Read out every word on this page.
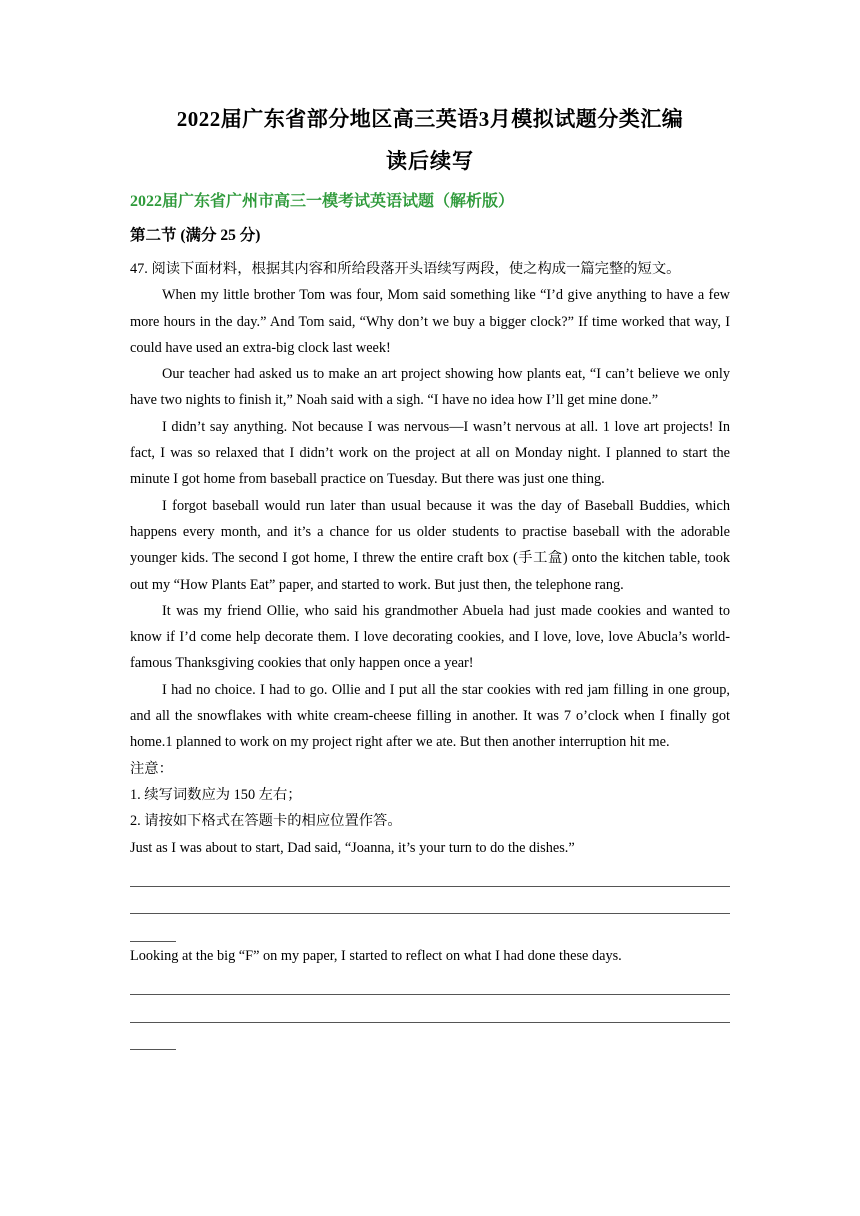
2022届广东省部分地区高三英语3月模拟试题分类汇编
读后续写
2022届广东省广州市高三一模考试英语试题（解析版）
第二节 (满分 25 分)

47. 阅读下面材料，根据其内容和所给段落开头语续写两段，使之构成一篇完整的短文。

When my little brother Tom was four, Mom said something like “I’d give anything to have a few more hours in the day.” And Tom said, “Why don’t we buy a bigger clock?” If time worked that way, I could have used an extra-big clock last week!

Our teacher had asked us to make an art project showing how plants eat, “I can’t believe we only have two nights to finish it,” Noah said with a sigh. “I have no idea how I’ll get mine done.”

I didn’t say anything. Not because I was nervous—I wasn’t nervous at all. 1 love art projects! In fact, I was so relaxed that I didn’t work on the project at all on Monday night. I planned to start the minute I got home from baseball practice on Tuesday. But there was just one thing.

I forgot baseball would run later than usual because it was the day of Baseball Buddies, which happens every month, and it’s a chance for us older students to practise baseball with the adorable younger kids. The second I got home, I threw the entire craft box (手工盒) onto the kitchen table, took out my “How Plants Eat” paper, and started to work. But just then, the telephone rang.

It was my friend Ollie, who said his grandmother Abuela had just made cookies and wanted to know if I’d come help decorate them. I love decorating cookies, and I love, love, love Abucla’s world-famous Thanksgiving cookies that only happen once a year!

I had no choice. I had to go. Ollie and I put all the star cookies with red jam filling in one group, and all the snowflakes with white cream-cheese filling in another. It was 7 o’clock when I finally got home.1 planned to work on my project right after we ate. But then another interruption hit me.

注意：

1. 续写词数应为 150 左右；

2. 请按如下格式在答题卡的相应位置作答。

Just as I was about to start, Dad said, “Joanna, it’s your turn to do the dishes.”

Looking at the big “F” on my paper, I started to reflect on what I had done these days.
